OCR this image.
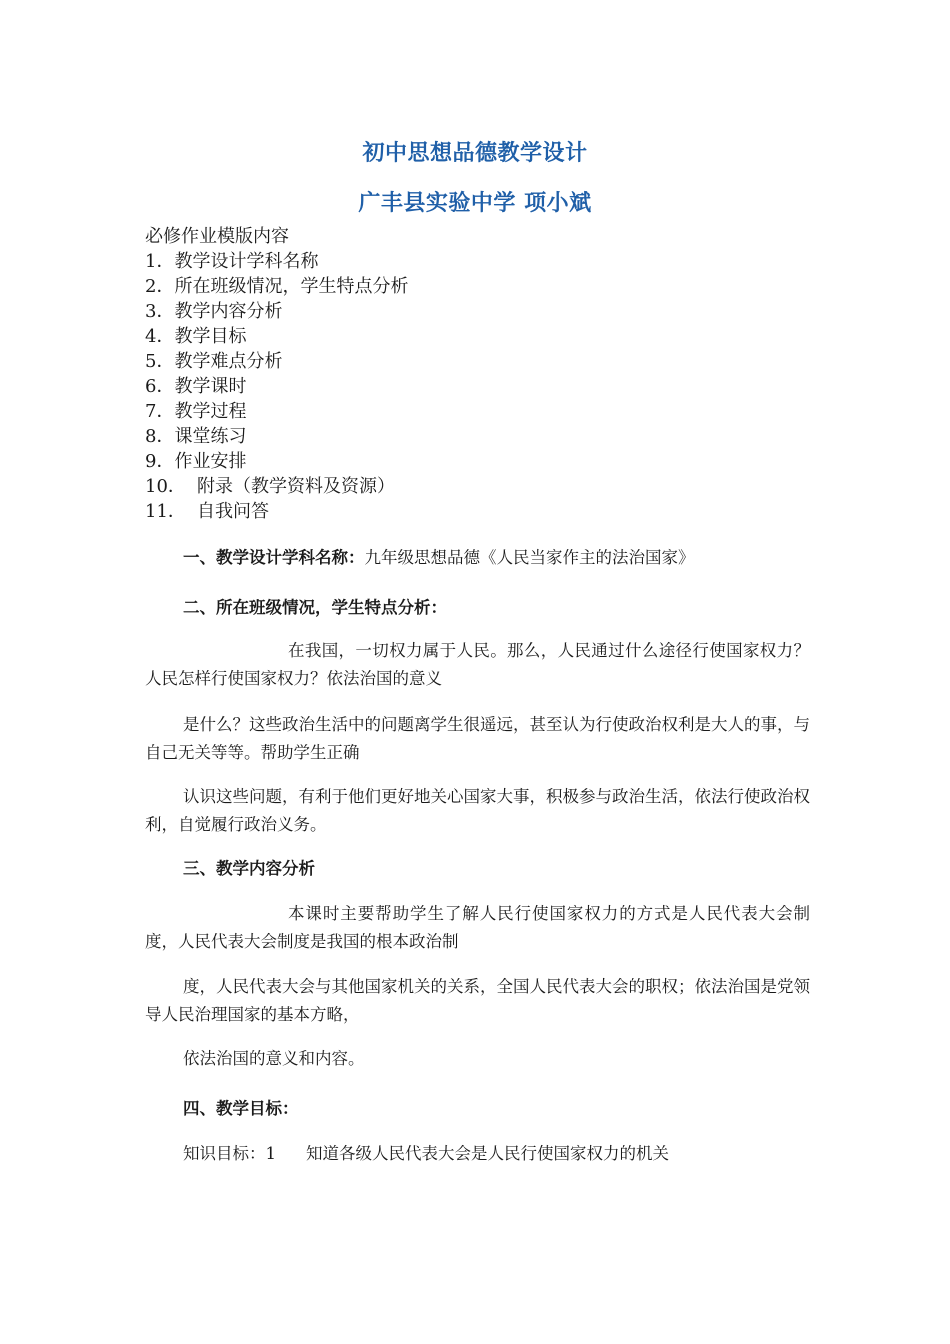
初中思想品德教学设计
广丰县实验中学 项小斌
必修作业模版内容
1．教学设计学科名称
2．所在班级情况，学生特点分析
3．教学内容分析
4．教学目标
5．教学难点分析
6．教学课时
7．教学过程
8．课堂练习
9．作业安排
10． 附录（教学资料及资源）
11． 自我问答
一、教学设计学科名称：九年级思想品德《人民当家作主的法治国家》
二、所在班级情况，学生特点分析：
在我国，一切权力属于人民。那么，人民通过什么途径行使国家权力？人民怎样行使国家权力？依法治国的意义
是什么？这些政治生活中的问题离学生很遥远，甚至认为行使政治权利是大人的事，与自己无关等等。帮助学生正确
认识这些问题，有利于他们更好地关心国家大事，积极参与政治生活，依法行使政治权利，自觉履行政治义务。
三、教学内容分析
本课时主要帮助学生了解人民行使国家权力的方式是人民代表大会制度，人民代表大会制度是我国的根本政治制
度，人民代表大会与其他国家机关的关系，全国人民代表大会的职权；依法治国是党领导人民治理国家的基本方略，
依法治国的意义和内容。
四、教学目标：
知识目标：1 知道各级人民代表大会是人民行使国家权力的机关
